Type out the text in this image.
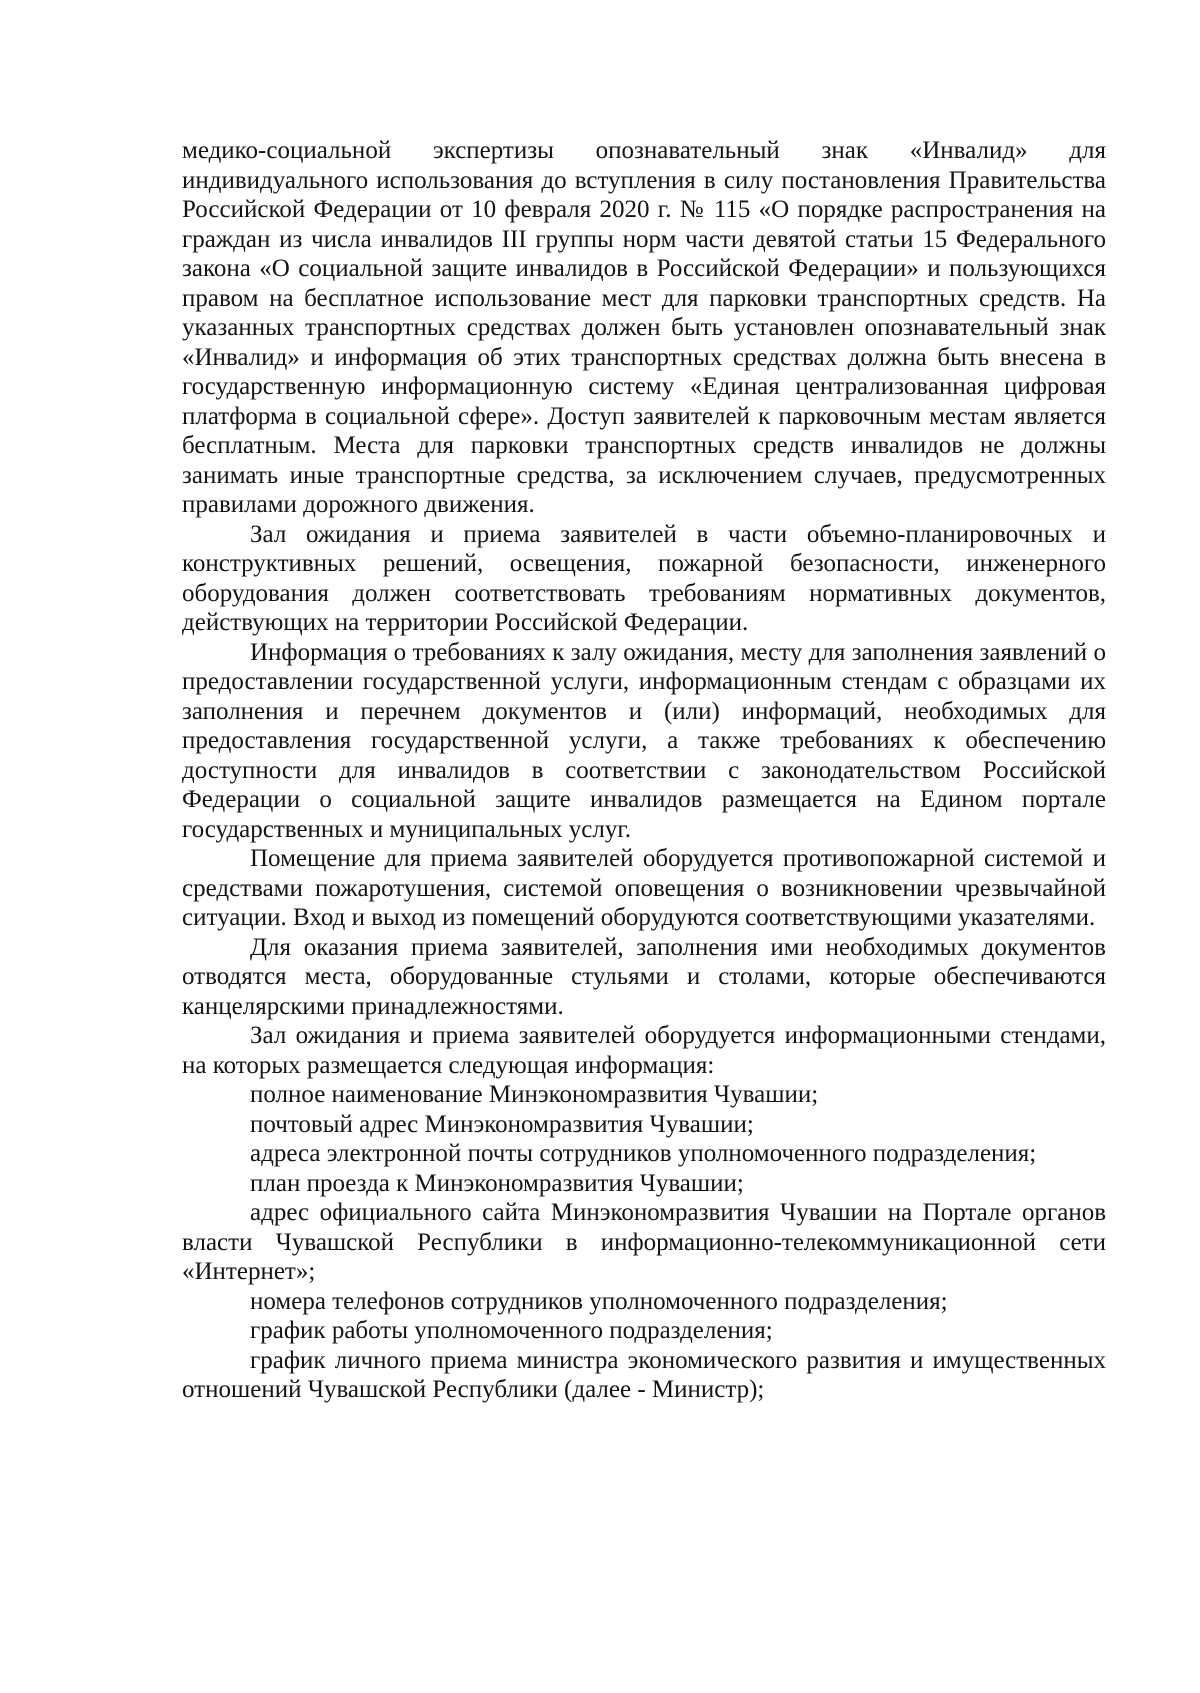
медико-социальной экспертизы опознавательный знак «Инвалид» для индивидуального использования до вступления в силу постановления Правительства Российской Федерации от 10 февраля 2020 г. № 115 «О порядке распространения на граждан из числа инвалидов III группы норм части девятой статьи 15 Федерального закона «О социальной защите инвалидов в Российской Федерации» и пользующихся правом на бесплатное использование мест для парковки транспортных средств. На указанных транспортных средствах должен быть установлен опознавательный знак «Инвалид» и информация об этих транспортных средствах должна быть внесена в государственную информационную систему «Единая централизованная цифровая платформа в социальной сфере». Доступ заявителей к парковочным местам является бесплатным. Места для парковки транспортных средств инвалидов не должны занимать иные транспортные средства, за исключением случаев, предусмотренных правилами дорожного движения.

Зал ожидания и приема заявителей в части объемно-планировочных и конструктивных решений, освещения, пожарной безопасности, инженерного оборудования должен соответствовать требованиям нормативных документов, действующих на территории Российской Федерации.

Информация о требованиях к залу ожидания, месту для заполнения заявлений о предоставлении государственной услуги, информационным стендам с образцами их заполнения и перечнем документов и (или) информаций, необходимых для предоставления государственной услуги, а также требованиях к обеспечению доступности для инвалидов в соответствии с законодательством Российской Федерации о социальной защите инвалидов размещается на Едином портале государственных и муниципальных услуг.

Помещение для приема заявителей оборудуется противопожарной системой и средствами пожаротушения, системой оповещения о возникновении чрезвычайной ситуации. Вход и выход из помещений оборудуются соответствующими указателями.

Для оказания приема заявителей, заполнения ими необходимых документов отводятся места, оборудованные стульями и столами, которые обеспечиваются канцелярскими принадлежностями.

Зал ожидания и приема заявителей оборудуется информационными стендами, на которых размещается следующая информация:

полное наименование Минэкономразвития Чувашии;

почтовый адрес Минэкономразвития Чувашии;

адреса электронной почты сотрудников уполномоченного подразделения;

план проезда к Минэкономразвития Чувашии;

адрес официального сайта Минэкономразвития Чувашии на Портале органов власти Чувашской Республики в информационно-телекоммуникационной сети «Интернет»;

номера телефонов сотрудников уполномоченного подразделения;

график работы уполномоченного подразделения;

график личного приема министра экономического развития и имущественных отношений Чувашской Республики (далее - Министр);
